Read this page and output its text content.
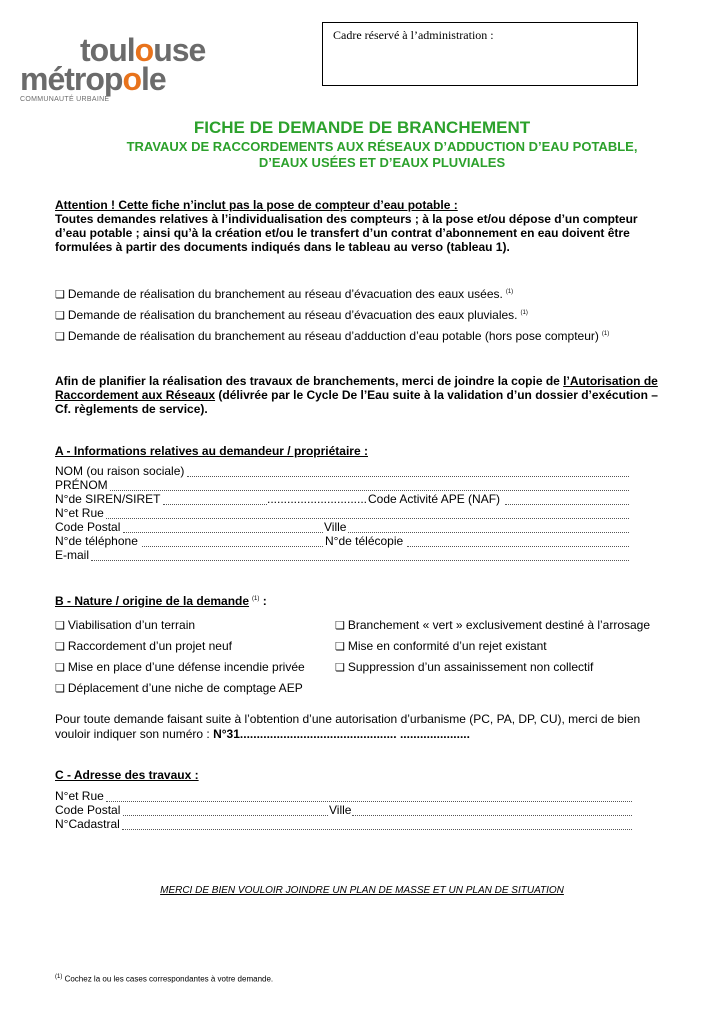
toulouse
métropole
COMMUNAUTÉ URBAINE
Cadre réservé à l’administration :
FICHE DE DEMANDE DE BRANCHEMENT
TRAVAUX DE RACCORDEMENTS AUX RÉSEAUX D’ADDUCTION D’EAU POTABLE,
D’EAUX USÉES ET D’EAUX PLUVIALES
Attention ! Cette fiche n’inclut pas la pose de compteur d’eau potable :
Toutes demandes relatives à l’individualisation des compteurs ; à la pose et/ou dépose d’un compteur
d’eau potable ; ainsi qu’à la création et/ou le transfert d’un contrat d’abonnement en eau doivent être
formulées à partir des documents indiqués dans le tableau au verso (tableau 1).
❏ Demande de réalisation du branchement au réseau d’évacuation des eaux usées. $^{(1)}$
❏ Demande de réalisation du branchement au réseau d’évacuation des eaux pluviales. $^{(1)}$
❏ Demande de réalisation du branchement au réseau d’adduction d’eau potable (hors pose compteur) $^{(1)}$
Afin de planifier la réalisation des travaux de branchements, merci de joindre la copie de l’Autorisation de
Raccordement aux Réseaux (délivrée par le Cycle De l’Eau suite à la validation d’un dossier d’exécution –
Cf. règlements de service).
A - Informations relatives au demandeur / propriétaire :
NOM (ou raison sociale)
PRÉNOM
N°de SIREN/SIRET	.............................. Code Activité APE (NAF)
N°et Rue
Code Postal	Ville
N°de téléphone	N°de télécopie
E-mail
B - Nature / origine de la demande $^{(1)}$ :
❏ Viabilisation d’un terrain
❏ Raccordement d’un projet neuf
❏ Mise en place d’une défense incendie privée
❏ Déplacement d’une niche de comptage AEP
❏ Branchement « vert » exclusivement destiné à l’arrosage
❏ Mise en conformité d’un rejet existant
❏ Suppression d’un assainissement non collectif
Pour toute demande faisant suite à l’obtention d’une autorisation d’urbanisme (PC, PA, DP, CU), merci de bien
vouloir indiquer son numéro : N°31............................................... .....................
C - Adresse des travaux :
N°et Rue
Code Postal	Ville
N°Cadastral
MERCI DE BIEN VOULOIR JOINDRE UN PLAN DE MASSE ET UN PLAN DE SITUATION
$^{(1)}$ Cochez la ou les cases correspondantes à votre demande.
